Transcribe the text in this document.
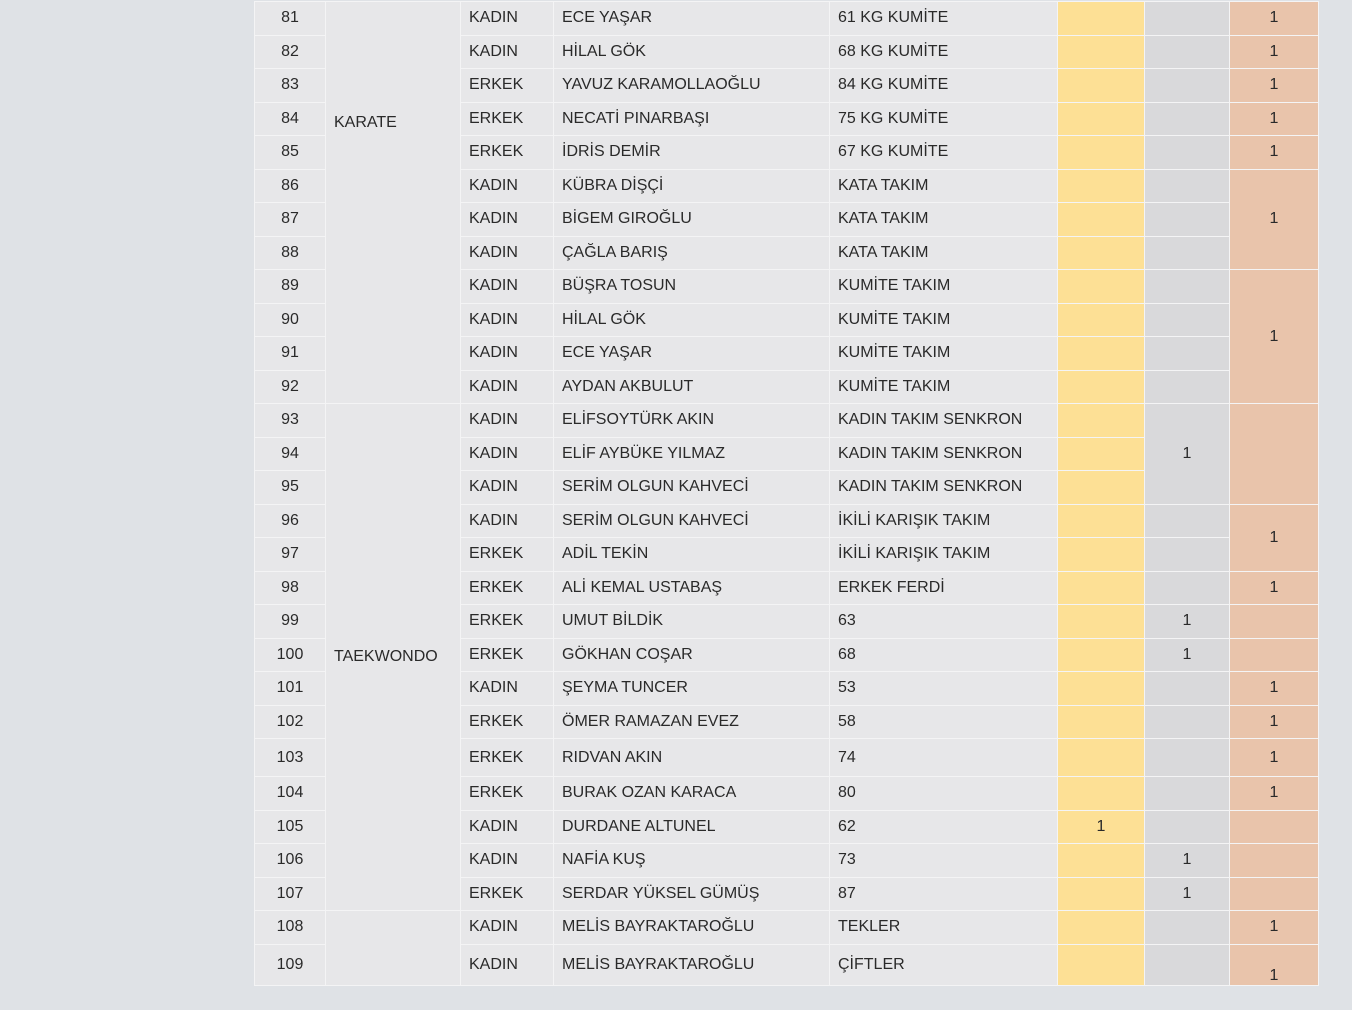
81	KARATE	KADIN	ECE YAŞAR	61 KG KUMİTE			1
82		KADIN	HİLAL GÖK	68 KG KUMİTE			1
83		ERKEK	YAVUZ KARAMOLLAOĞLU	84 KG KUMİTE			1
84		ERKEK	NECATİ PINARBAŞI	75 KG KUMİTE			1
85		ERKEK	İDRİS DEMİR	67 KG KUMİTE			1
86		KADIN	KÜBRA DİŞÇİ	KATA TAKIM			1
87		KADIN	BİGEM GIROĞLU	KATA TAKIM			
88		KADIN	ÇAĞLA BARIŞ	KATA TAKIM			
89		KADIN	BÜŞRA TOSUN	KUMİTE TAKIM			1
90		KADIN	HİLAL GÖK	KUMİTE TAKIM			
91		KADIN	ECE YAŞAR	KUMİTE TAKIM			
92		KADIN	AYDAN AKBULUT	KUMİTE TAKIM			
93	TAEKWONDO	KADIN	ELİFSOYTÜRK AKIN	KADIN TAKIM SENKRON		1	
94		KADIN	ELİF AYBÜKE YILMAZ	KADIN TAKIM SENKRON			
95		KADIN	SERİM OLGUN KAHVECİ	KADIN TAKIM SENKRON			
96		KADIN	SERİM OLGUN KAHVECİ	İKİLİ KARIŞIK TAKIM			1
97		ERKEK	ADİL TEKİN	İKİLİ KARIŞIK TAKIM			
98		ERKEK	ALİ KEMAL USTABAŞ	ERKEK FERDİ			1
99		ERKEK	UMUT BİLDİK	63		1	
100		ERKEK	GÖKHAN COŞAR	68		1	
101		KADIN	ŞEYMA TUNCER	53			1
102		ERKEK	ÖMER RAMAZAN EVEZ	58			1
103		ERKEK	RIDVAN AKIN	74			1
104		ERKEK	BURAK OZAN KARACA	80			1
105		KADIN	DURDANE ALTUNEL	62	1		
106		KADIN	NAFİA KUŞ	73		1	
107		ERKEK	SERDAR YÜKSEL GÜMÜŞ	87		1	
108		KADIN	MELİS BAYRAKTAROĞLU	TEKLER			1
109		KADIN	MELİS BAYRAKTAROĞLU	ÇİFTLER			1
